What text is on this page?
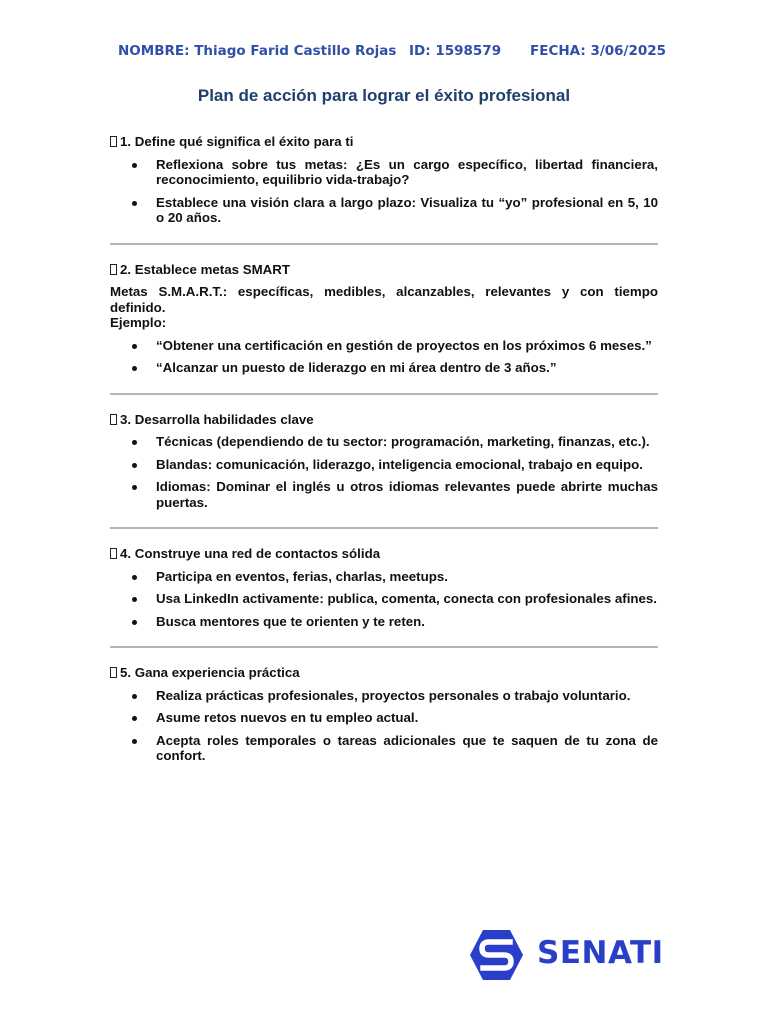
NOMBRE: Thiago Farid Castillo Rojas ID: 1598579 FECHA: 3/06/2025
Plan de acción para lograr el éxito profesional
1. Define qué significa el éxito para ti
Reflexiona sobre tus metas: ¿Es un cargo específico, libertad financiera, reconocimiento, equilibrio vida-trabajo?
Establece una visión clara a largo plazo: Visualiza tu “yo” profesional en 5, 10 o 20 años.
2. Establece metas SMART

Metas S.M.A.R.T.: específicas, medibles, alcanzables, relevantes y con tiempo definido.

Ejemplo:

“Obtener una certificación en gestión de proyectos en los próximos 6 meses.”
“Alcanzar un puesto de liderazgo en mi área dentro de 3 años.”
3. Desarrolla habilidades clave
Técnicas (dependiendo de tu sector: programación, marketing, finanzas, etc.).
Blandas: comunicación, liderazgo, inteligencia emocional, trabajo en equipo.
Idiomas: Dominar el inglés u otros idiomas relevantes puede abrirte muchas puertas.
4. Construye una red de contactos sólida
Participa en eventos, ferias, charlas, meetups.
Usa LinkedIn activamente: publica, comenta, conecta con profesionales afines.
Busca mentores que te orienten y te reten.
5. Gana experiencia práctica
Realiza prácticas profesionales, proyectos personales o trabajo voluntario.
Asume retos nuevos en tu empleo actual.
Acepta roles temporales o tareas adicionales que te saquen de tu zona de confort.
SENATI
